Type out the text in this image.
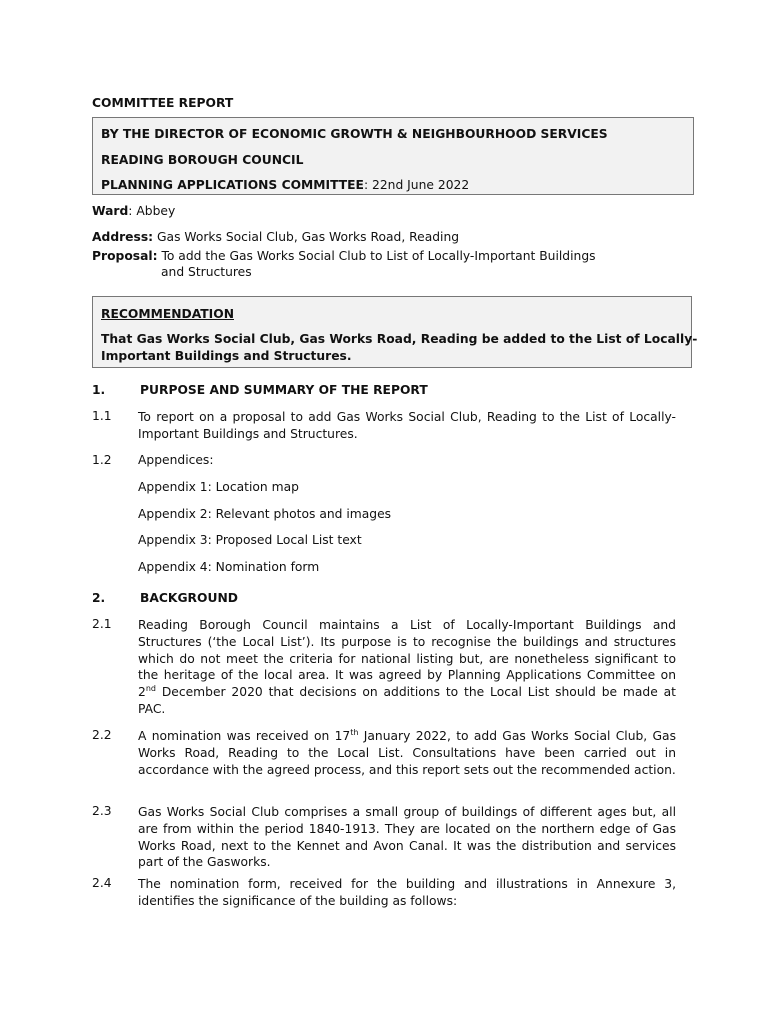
COMMITTEE REPORT
BY THE DIRECTOR OF ECONOMIC GROWTH & NEIGHBOURHOOD SERVICES
READING BOROUGH COUNCIL
PLANNING APPLICATIONS COMMITTEE: 22nd June 2022
Ward: Abbey
Address: Gas Works Social Club, Gas Works Road, Reading
Proposal: To add the Gas Works Social Club to List of Locally-Important Buildings
and Structures
RECOMMENDATION
That Gas Works Social Club, Gas Works Road, Reading be added to the List of Locally-
Important Buildings and Structures.
1.	PURPOSE AND SUMMARY OF THE REPORT
1.1 To report on a proposal to add Gas Works Social Club, Reading to the List of Locally-Important Buildings and Structures.
1.2 Appendices:
Appendix 1: Location map
Appendix 2: Relevant photos and images
Appendix 3: Proposed Local List text
Appendix 4: Nomination form
2.	BACKGROUND
2.1 Reading Borough Council maintains a List of Locally-Important Buildings and Structures (‘the Local List’). Its purpose is to recognise the buildings and structures which do not meet the criteria for national listing but, are nonetheless significant to the heritage of the local area. It was agreed by Planning Applications Committee on 2nd December 2020 that decisions on additions to the Local List should be made at PAC.
2.2 A nomination was received on 17th January 2022, to add Gas Works Social Club, Gas Works Road, Reading to the Local List. Consultations have been carried out in accordance with the agreed process, and this report sets out the recommended action.
2.3 Gas Works Social Club comprises a small group of buildings of different ages but, all are from within the period 1840-1913. They are located on the northern edge of Gas Works Road, next to the Kennet and Avon Canal. It was the distribution and services part of the Gasworks.
2.4 The nomination form, received for the building and illustrations in Annexure 3, identifies the significance of the building as follows:
